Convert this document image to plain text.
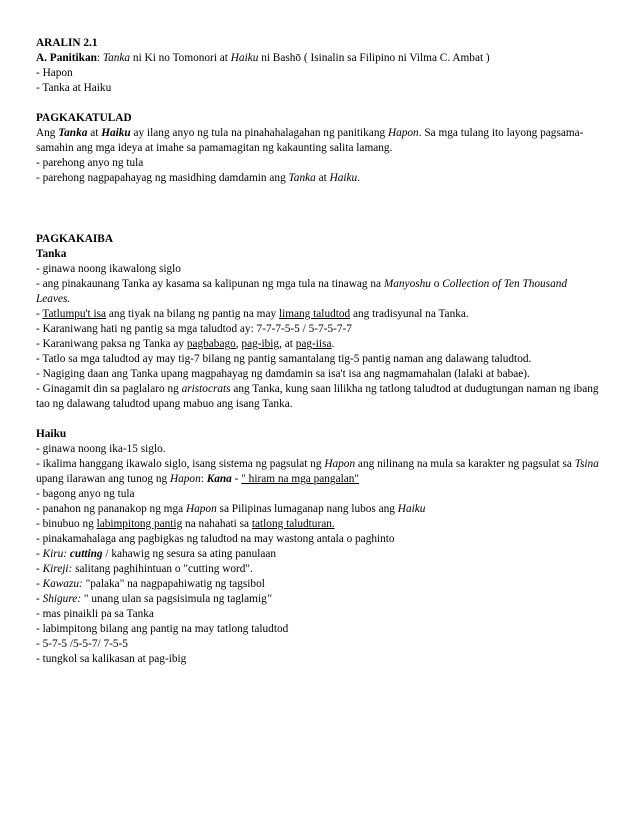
ARALIN 2.1
A. Panitikan: Tanka ni Ki no Tomonori at Haiku ni Bashō ( Isinalin sa Filipino ni Vilma C. Ambat )
- Hapon
- Tanka at Haiku
PAGKAKATULAD
Ang Tanka at Haiku ay ilang anyo ng tula na pinahahalagahan ng panitikang Hapon. Sa mga tulang ito layong pagsama-samahin ang mga ideya at imahe sa pamamagitan ng kakaunting salita lamang.
- parehong anyo ng tula
- parehong nagpapahayag ng masidhing damdamin ang Tanka at Haiku.
PAGKAKAIBA
Tanka
- ginawa noong ikawalong siglo
- ang pinakaunang Tanka ay kasama sa kalipunan ng mga tula na tinawag na Manyoshu o Collection of Ten Thousand Leaves.
- Tatlumpu't isa ang tiyak na bilang ng pantig na may limang taludtod ang tradisyunal na Tanka.
- Karaniwang hati ng pantig sa mga taludtod ay: 7-7-7-5-5 / 5-7-5-7-7
- Karaniwang paksa ng Tanka ay pagbabago, pag-ibig, at pag-iisa.
- Tatlo sa mga taludtod ay may tig-7 bilang ng pantig samantalang tig-5 pantig naman ang dalawang taludtod.
- Nagiging daan ang Tanka upang magpahayag ng damdamin sa isa't isa ang nagmamahalan (lalaki at babae).
- Ginagamit din sa paglalaro ng aristocrats ang Tanka, kung saan lilikha ng tatlong taludtod at dudugtungan naman ng ibang tao ng dalawang taludtod upang mabuo ang isang Tanka.
Haiku
- ginawa noong ika-15 siglo.
- ikalima hanggang ikawalo siglo, isang sistema ng pagsulat ng Hapon ang nilinang na mula sa karakter ng pagsulat sa Tsina upang ilarawan ang tunog ng Hapon: Kana - " hiram na mga pangalan"
- bagong anyo ng tula
- panahon ng pananakop ng mga Hapon sa Pilipinas lumaganap nang lubos ang Haiku
- binubuo ng labimpitong pantig na nahahati sa tatlong taludturan.
- pinakamahalaga ang pagbigkas ng taludtod na may wastong antala o paghinto
- Kiru: cutting / kahawig ng sesura sa ating panulaan
- Kireji: salitang paghihintuan o "cutting word".
- Kawazu: "palaka" na nagpapahiwatig ng tagsibol
- Shigure: " unang ulan sa pagsisimula ng taglamig"
- mas pinaikli pa sa Tanka
- labimpitong bilang ang pantig na may tatlong taludtod
- 5-7-5 /5-5-7/ 7-5-5
- tungkol sa kalikasan at pag-ibig
